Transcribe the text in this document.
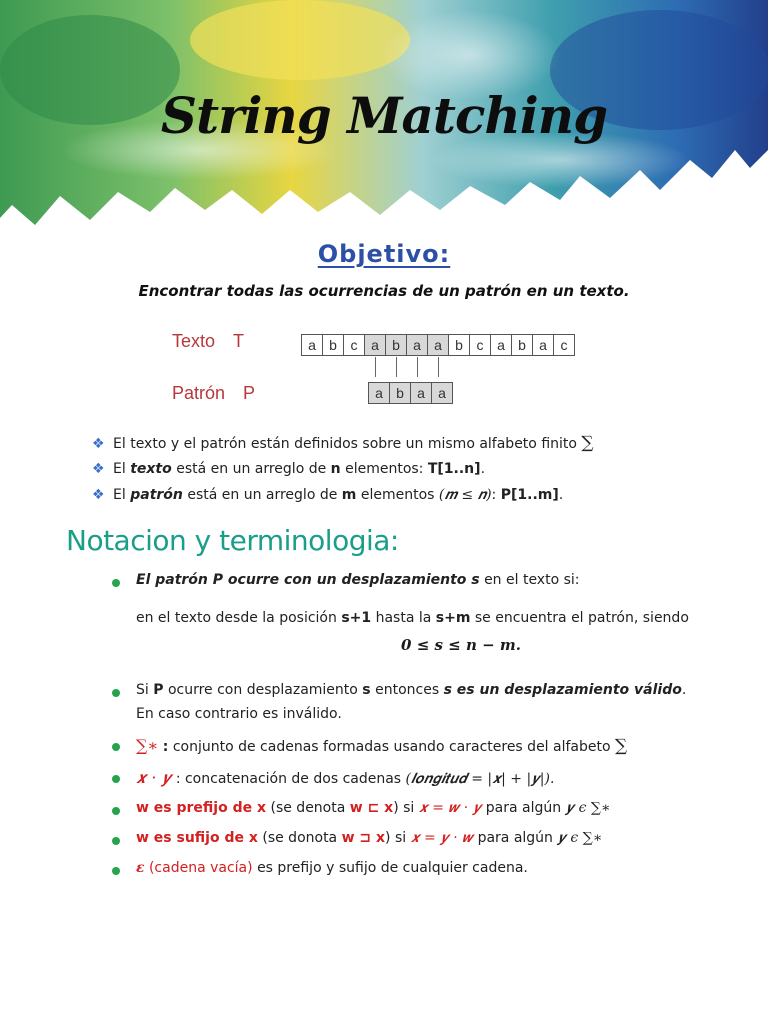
String Matching
Objetivo:
Encontrar todas las ocurrencias de un patrón en un texto.
Texto T
Patrón P
a b c a b a a b c a b a c
a b a a
❖ El texto y el patrón están definidos sobre un mismo alfabeto finito ∑
❖ El texto está en un arreglo de n elementos: T[1..n].
❖ El patrón está en un arreglo de m elementos (𝒎 ≤ 𝒏): P[1..m].
Notacion y terminologia:
El patrón P ocurre con un desplazamiento s en el texto si:
en el texto desde la posición s+1 hasta la s+m se encuentra el patrón, siendo
0 ≤ s ≤ n − m.
Si P ocurre con desplazamiento s entonces s es un desplazamiento válido.
En caso contrario es inválido.
∑∗ : conjunto de cadenas formadas usando caracteres del alfabeto ∑
𝒙 · 𝒚 : concatenación de dos cadenas (𝒍𝒐𝒏𝒈𝒊𝒕𝒖𝒅 = |𝒙| + |𝒚|).
w es prefijo de x (se denota w ⊏ x) si 𝒙 = 𝒘 · 𝒚 para algún 𝒚 ϵ ∑∗
w es sufijo de x (se donota w ⊐ x) si 𝒙 = 𝒚 · 𝒘 para algún 𝒚 ϵ ∑∗
𝜺 (cadena vacía) es prefijo y sufijo de cualquier cadena.
